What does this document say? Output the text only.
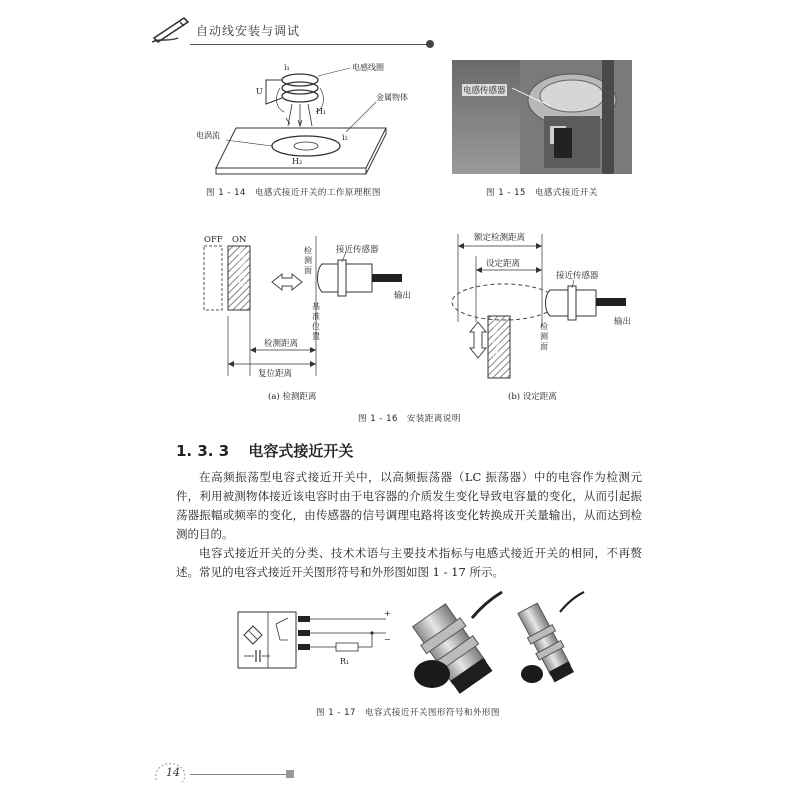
自动线安装与调试
电感线圈
金属物体
电涡流
i₁
U
H₁
H₂
i₂
图 1 - 14　电感式接近开关的工作原理框图
电感传感器
图 1 - 15　电感式接近开关
OFF ON
接近传感器
输出
检测距离
复位距离
检测物体
检测面
基准位置
(a) 检测距离
额定检测距离
设定距离
接近传感器
输出
检测物体
检测面
(b) 设定距离
图 1 - 16　安装距离说明
1. 3. 3 电容式接近开关
在高频振荡型电容式接近开关中，以高频振荡器（LC 振荡器）中的电容作为检测元件，利用被测物体接近该电容时由于电容器的介质发生变化导致电容量的变化，从而引起振荡器振幅或频率的变化，由传感器的信号调理电路将该变化转换成开关量输出，从而达到检测的目的。
电容式接近开关的分类、技术术语与主要技术指标与电感式接近开关的相同，不再赘述。常见的电容式接近开关图形符号和外形图如图 1 - 17 所示。
+
−
R₁
图 1 - 17　电容式接近开关图形符号和外形图
14
